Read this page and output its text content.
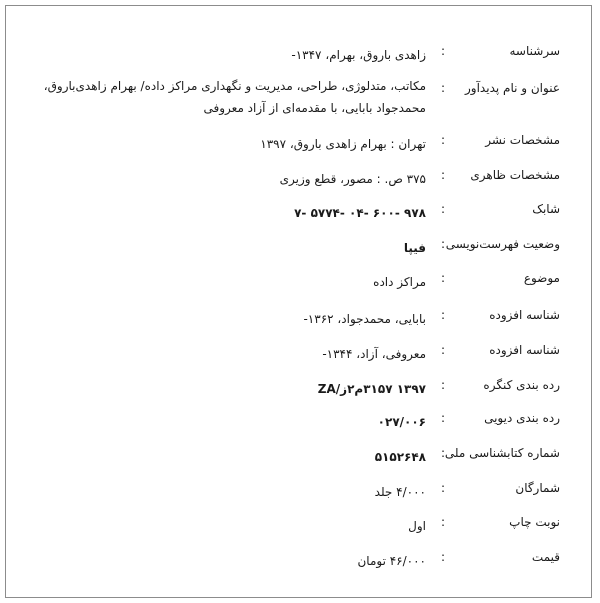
سرشناسه
:
زاهدی باروق، بهرام، ۱۳۴۷-
عنوان و نام پدیدآور
:
مکاتب، متدلوژی، طراحی، مدیریت و نگهداری مراکز داده/ بهرام زاهدی‌باروق، محمدجواد بابایی، با مقدمه‌ای از آزاد معروفی
مشخصات نشر
:
تهران : بهرام زاهدی باروق، ۱۳۹۷
مشخصات ظاهری
:
۳۷۵ ص. : مصور، قطع وزیری
شابک
:
۹۷۸ -۶۰۰ -۰۴ -۵۷۷۴ -۷
وضعیت فهرست‌نویسی
:
فیپا
موضوع
:
مراکز داده
شناسه افزوده
:
بابایی، محمدجواد، ۱۳۶۲-
شناسه افزوده
:
معروفی، آزاد، ۱۳۴۴-
رده بندی کنگره
:
۱۳۹۷ ۳۱۵۷م۲ز/ZA
رده بندی دیویی
:
۰۲۷/۰۰۶
شماره کتابشناسی ملی
:
۵۱۵۲۶۴۸
شمارگان
:
۴/۰۰۰ جلد
نوبت چاپ
:
اول
قیمت
:
۴۶/۰۰۰ تومان
